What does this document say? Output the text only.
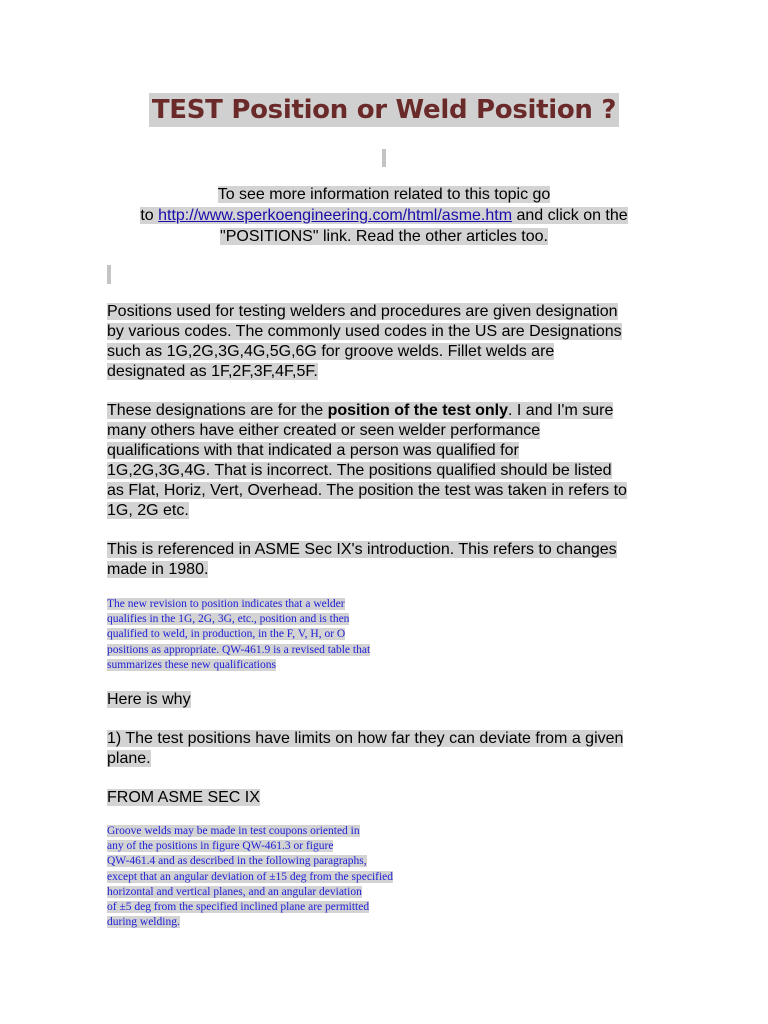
TEST Position or Weld Position ?
To see more information related to this topic go
to http://www.sperkoengineering.com/html/asme.htm and click on the
"POSITIONS" link. Read the other articles too.
Positions used for testing welders and procedures are given designation
by various codes. The commonly used codes in the US are Designations
such as 1G,2G,3G,4G,5G,6G for groove welds. Fillet welds are
designated as 1F,2F,3F,4F,5F.
These designations are for the position of the test only. I and I'm sure
many others have either created or seen welder performance
qualifications with that indicated a person was qualified for
1G,2G,3G,4G. That is incorrect. The positions qualified should be listed
as Flat, Horiz, Vert, Overhead. The position the test was taken in refers to
1G, 2G etc.
This is referenced in ASME Sec IX's introduction. This refers to changes
made in 1980.
The new revision to position indicates that a welder
qualifies in the 1G, 2G, 3G, etc., position and is then
qualified to weld, in production, in the F, V, H, or O
positions as appropriate. QW-461.9 is a revised table that
summarizes these new qualifications
Here is why
1) The test positions have limits on how far they can deviate from a given
plane.
FROM ASME SEC IX
Groove welds may be made in test coupons oriented in
any of the positions in figure QW-461.3 or figure
QW-461.4 and as described in the following paragraphs,
except that an angular deviation of ±15 deg from the specified
horizontal and vertical planes, and an angular deviation
of ±5 deg from the specified inclined plane are permitted
during welding.
